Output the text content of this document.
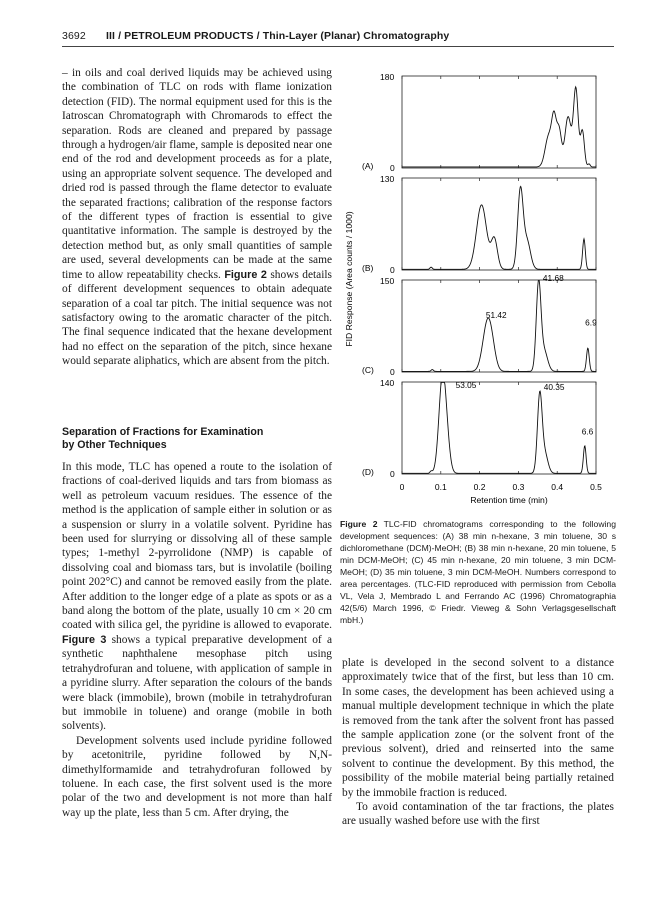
3692 III / PETROLEUM PRODUCTS / Thin-Layer (Planar) Chromatography

– in oils and coal derived liquids may be achieved using the combination of TLC on rods with flame ionization detection (FID). The normal equipment used for this is the Iatroscan Chromatograph with Chromarods to effect the separation. Rods are cleaned and prepared by passage through a hydrogen/air flame, sample is deposited near one end of the rod and development proceeds as for a plate, using an appropriate solvent sequence. The developed and dried rod is passed through the flame detector to evaluate the separated fractions; calibration of the response factors of the different types of fraction is essential to give quantitative information. The sample is destroyed by the detection method but, as only small quantities of sample are used, several developments can be made at the same time to allow repeatability checks. Figure 2 shows details of different development sequences to obtain adequate separation of a coal tar pitch. The initial sequence was not satisfactory owing to the aromatic character of the pitch. The final sequence indicated that the hexane development had no effect on the separation of the pitch, since hexane would separate aliphatics, which are absent from the pitch.

Separation of Fractions for Examination
by Other Techniques

In this mode, TLC has opened a route to the isolation of fractions of coal-derived liquids and tars from biomass as well as petroleum vacuum residues. The essence of the method is the application of sample either in solution or as a suspension or slurry in a volatile solvent. Pyridine has been used for slurrying or dissolving all of these sample types; 1-methyl 2-pyrrolidone (NMP) is capable of dissolving coal and biomass tars, but is involatile (boiling point 202°C) and cannot be removed easily from the plate. After addition to the longer edge of a plate as spots or as a band along the bottom of the plate, usually 10 cm × 20 cm coated with silica gel, the pyridine is allowed to evaporate. Figure 3 shows a typical preparative development of a synthetic naphthalene mesophase pitch using tetrahydrofuran and toluene, with application of sample in a pyridine slurry. After separation the colours of the bands were black (immobile), brown (mobile in tetrahydrofuran but immobile in toluene) and orange (mobile in both solvents).

Development solvents used include pyridine followed by acetonitrile, pyridine followed by N,N-dimethylformamide and tetrahydrofuran followed by toluene. In each case, the first solvent used is the more polar of the two and development is not more than half way up the plate, less than 5 cm. After drying, the

180
0
(A)
130
0
(B)
150
0
(C)
51.42
41.68
6.9
140
0
(D)
53.05	40.35
6.6
0	0.1	0.2	0.3	0.4	0.5
Retention time (min)
FID Response (Area counts / 1000)
Figure 2 TLC-FID chromatograms corresponding to the following development sequences: (A) 38 min n-hexane, 3 min toluene, 30 s dichloromethane (DCM)-MeOH; (B) 38 min n-hexane, 20 min toluene, 5 min DCM-MeOH; (C) 45 min n-hexane, 20 min toluene, 3 min DCM-MeOH; (D) 35 min toluene, 3 min DCM-MeOH. Numbers correspond to area percentages. (TLC-FID reproduced with permission from Cebolla VL, Vela J, Membrado L and Ferrando AC (1996) Chromatographia 42(5/6) March 1996, © Friedr. Vieweg & Sohn Verlagsgesellschaft mbH.)

plate is developed in the second solvent to a distance approximately twice that of the first, but less than 10 cm. In some cases, the development has been achieved using a manual multiple development technique in which the plate is removed from the tank after the solvent front has passed the sample application zone (or the solvent front of the previous solvent), dried and reinserted into the same solvent to continue the development. By this method, the possibility of the mobile material being partially retained by the immobile fraction is reduced.

To avoid contamination of the tar fractions, the plates are usually washed before use with the first
